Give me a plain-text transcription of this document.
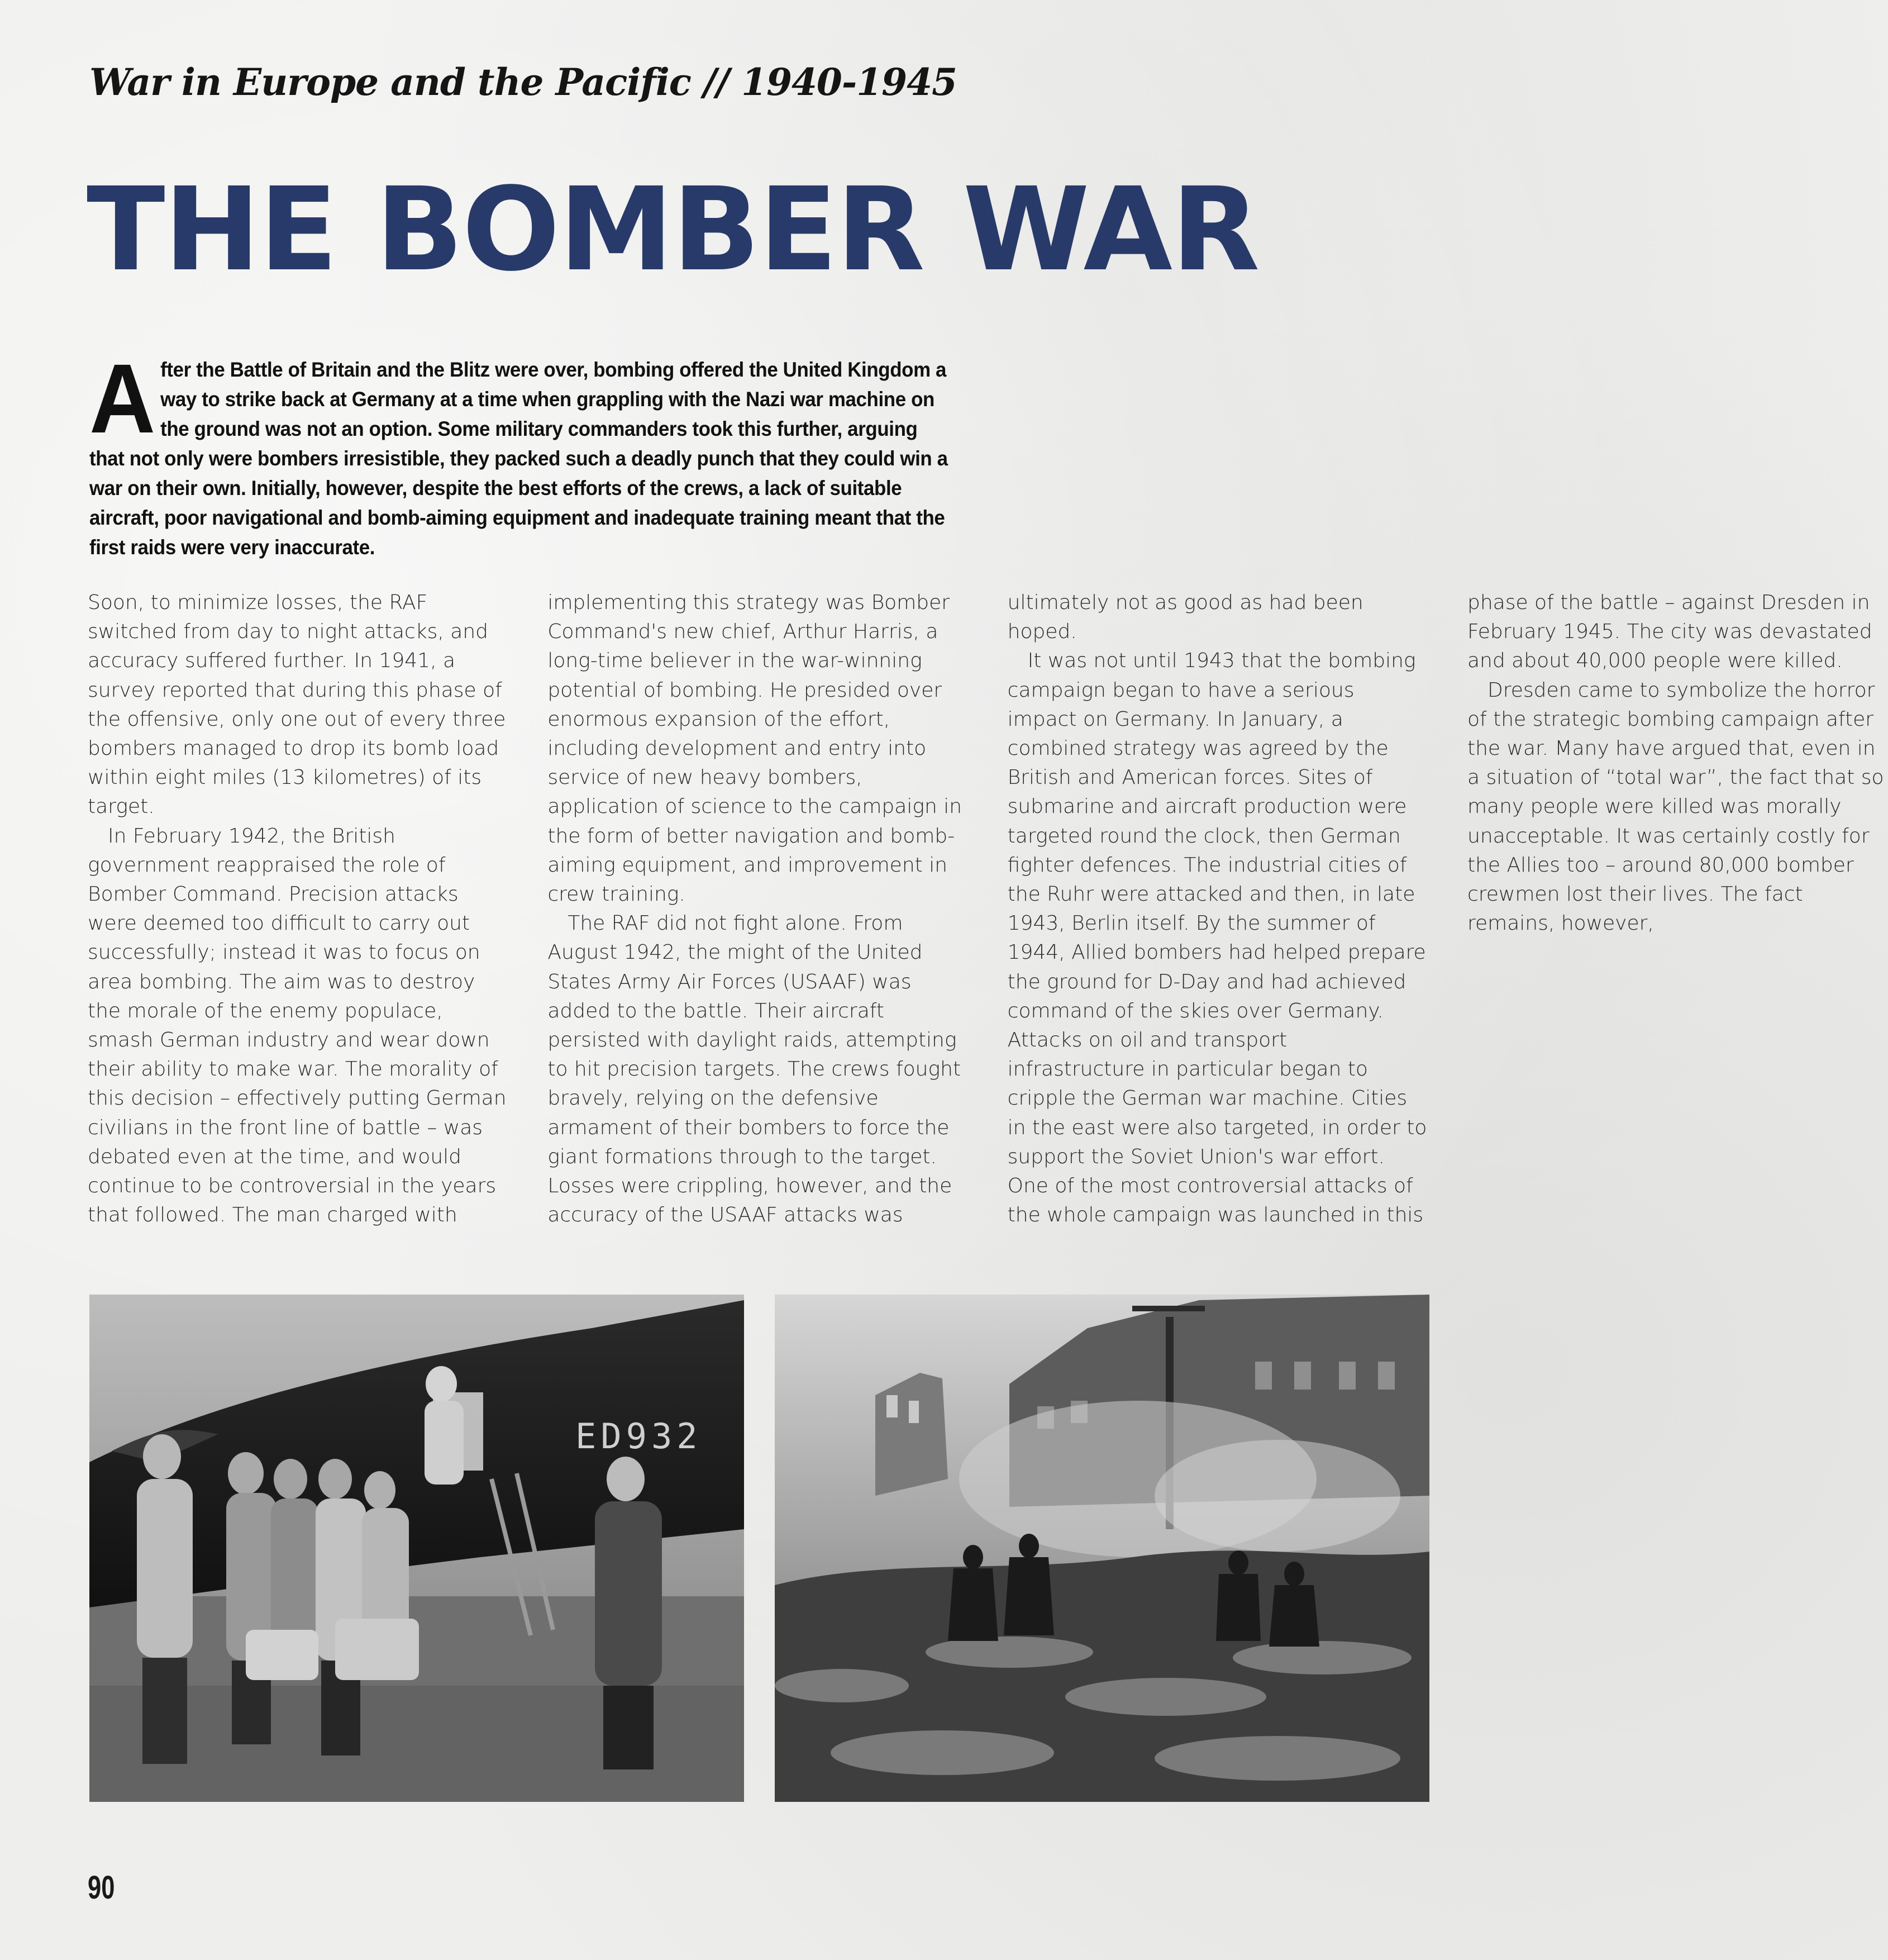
War in Europe and the Pacific // 1940-1945
THE BOMBER WAR

After the Battle of Britain and the Blitz were over, bombing offered the United Kingdom a way to strike back at Germany at a time when grappling with the Nazi war machine on the ground was not an option. Some military commanders took this further, arguing that not only were bombers irresistible, they packed such a deadly punch that they could win a war on their own. Initially, however, despite the best efforts of the crews, a lack of suitable aircraft, poor navigational and bomb-aiming equipment and inadequate training meant that the first raids were very inaccurate.

Soon, to minimize losses, the RAF switched from day to night attacks, and accuracy suffered further. In 1941, a survey reported that during this phase of the offensive, only one out of every three bombers managed to drop its bomb load within eight miles (13 kilometres) of its target.

In February 1942, the British government reappraised the role of Bomber Command. Precision attacks were deemed too difficult to carry out successfully; instead it was to focus on area bombing. The aim was to destroy the morale of the enemy populace, smash German industry and wear down their ability to make war. The morality of this decision – effectively putting German civilians in the front line of battle – was debated even at the time, and would continue to be controversial in the years that followed. The man charged with implementing this strategy was Bomber Command's new chief, Arthur Harris, a long-time believer in the war-winning potential of bombing. He presided over enormous expansion of the effort, including development and entry into service of new heavy bombers, application of science to the campaign in the form of better navigation and bomb-aiming equipment, and improvement in crew training.

The RAF did not fight alone. From August 1942, the might of the United States Army Air Forces (USAAF) was added to the battle. Their aircraft persisted with daylight raids, attempting to hit precision targets. The crews fought bravely, relying on the defensive armament of their bombers to force the giant formations through to the target. Losses were crippling, however, and the accuracy of the USAAF attacks was ultimately not as good as had been hoped.

It was not until 1943 that the bombing campaign began to have a serious impact on Germany. In January, a combined strategy was agreed by the British and American forces. Sites of submarine and aircraft production were targeted round the clock, then German fighter defences. The industrial cities of the Ruhr were attacked and then, in late 1943, Berlin itself. By the summer of 1944, Allied bombers had helped prepare the ground for D-Day and had achieved command of the skies over Germany. Attacks on oil and transport infrastructure in particular began to cripple the German war machine. Cities in the east were also targeted, in order to support the Soviet Union's war effort. One of the most controversial attacks of the whole campaign was launched in this phase of the battle – against Dresden in February 1945. The city was devastated and about 40,000 people were killed.

Dresden came to symbolize the horror of the strategic bombing campaign after the war. Many have argued that, even in a situation of “total war”, the fact that so many people were killed was morally unacceptable. It was certainly costly for the Allies too – around 80,000 bomber crewmen lost their lives. The fact remains, however,

ED932

90
